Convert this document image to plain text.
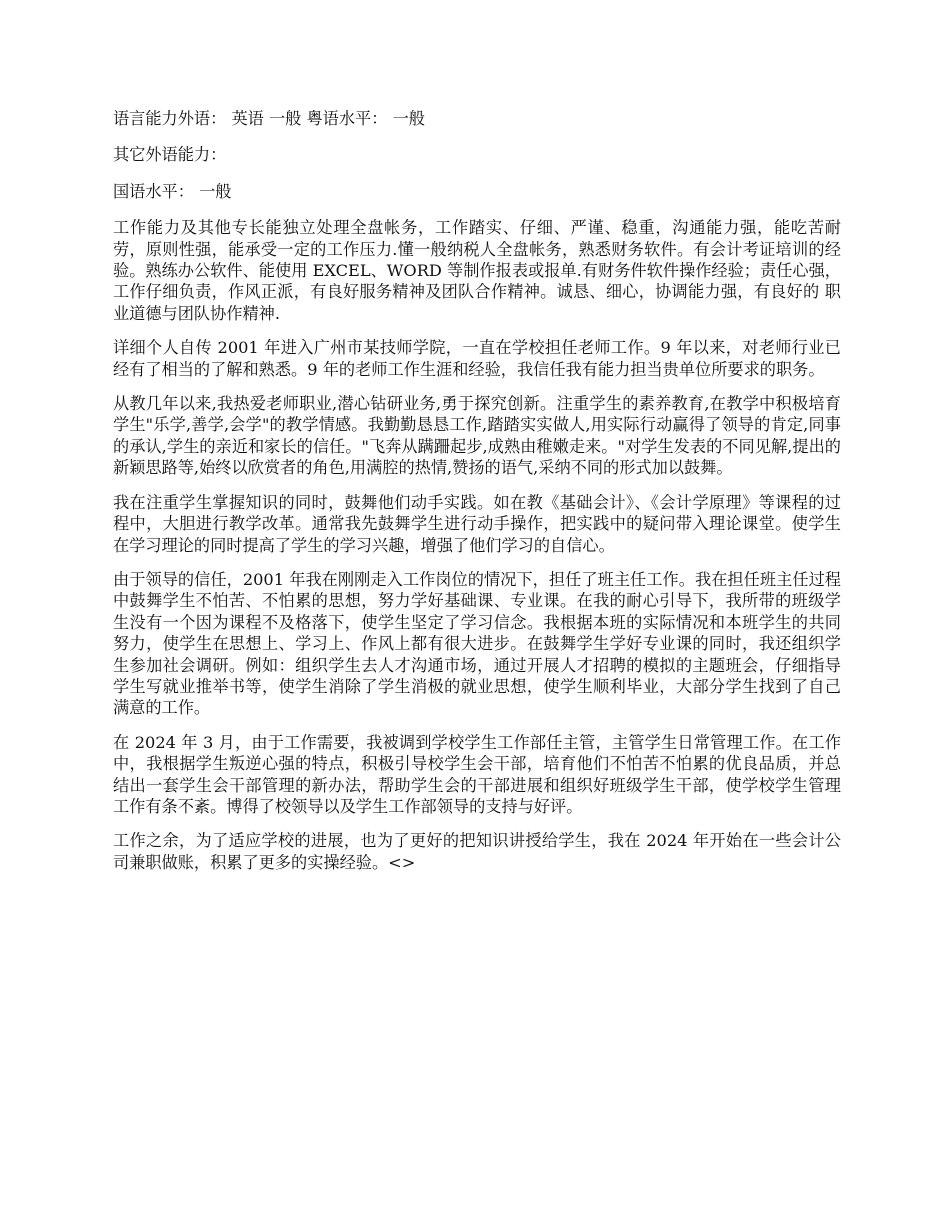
语言能力外语： 英语 一般 粤语水平： 一般

其它外语能力：

国语水平： 一般

工作能力及其他专长能独立处理全盘帐务，工作踏实、仔细、严谨、稳重，沟通能力强，能吃苦耐劳，原则性强，能承受一定的工作压力.懂一般纳税人全盘帐务，熟悉财务软件。有会计考证培训的经验。熟练办公软件、能使用 EXCEL、WORD 等制作报表或报单.有财务件软件操作经验；责任心强，工作仔细负责，作风正派，有良好服务精神及团队合作精神。诚恳、细心，协调能力强，有良好的 职业道德与团队协作精神.

详细个人自传 2001 年进入广州市某技师学院，一直在学校担任老师工作。9 年以来，对老师行业已经有了相当的了解和熟悉。9 年的老师工作生涯和经验，我信任我有能力担当贵单位所要求的职务。

从教几年以来,我热爱老师职业,潜心钻研业务,勇于探究创新。注重学生的素养教育,在教学中积极培育学生"乐学,善学,会学"的教学情感。我勤勤恳恳工作,踏踏实实做人,用实际行动赢得了领导的肯定,同事的承认,学生的亲近和家长的信任。"飞奔从蹒跚起步,成熟由稚嫩走来。"对学生发表的不同见解,提出的新颖思路等,始终以欣赏者的角色,用满腔的热情,赞扬的语气,采纳不同的形式加以鼓舞。

我在注重学生掌握知识的同时，鼓舞他们动手实践。如在教《基础会计》、《会计学原理》等课程的过程中，大胆进行教学改革。通常我先鼓舞学生进行动手操作，把实践中的疑问带入理论课堂。使学生在学习理论的同时提高了学生的学习兴趣，增强了他们学习的自信心。

由于领导的信任，2001 年我在刚刚走入工作岗位的情况下，担任了班主任工作。我在担任班主任过程中鼓舞学生不怕苦、不怕累的思想，努力学好基础课、专业课。在我的耐心引导下，我所带的班级学生没有一个因为课程不及格落下，使学生坚定了学习信念。我根据本班的实际情况和本班学生的共同努力，使学生在思想上、学习上、作风上都有很大进步。在鼓舞学生学好专业课的同时，我还组织学生参加社会调研。例如：组织学生去人才沟通市场，通过开展人才招聘的模拟的主题班会，仔细指导学生写就业推举书等，使学生消除了学生消极的就业思想，使学生顺利毕业，大部分学生找到了自己满意的工作。

在 2024 年 3 月，由于工作需要，我被调到学校学生工作部任主管，主管学生日常管理工作。在工作中，我根据学生叛逆心强的特点，积极引导校学生会干部，培育他们不怕苦不怕累的优良品质，并总结出一套学生会干部管理的新办法，帮助学生会的干部进展和组织好班级学生干部，使学校学生管理工作有条不紊。博得了校领导以及学生工作部领导的支持与好评。

工作之余，为了适应学校的进展，也为了更好的把知识讲授给学生，我在 2024 年开始在一些会计公司兼职做账，积累了更多的实操经验。<>
